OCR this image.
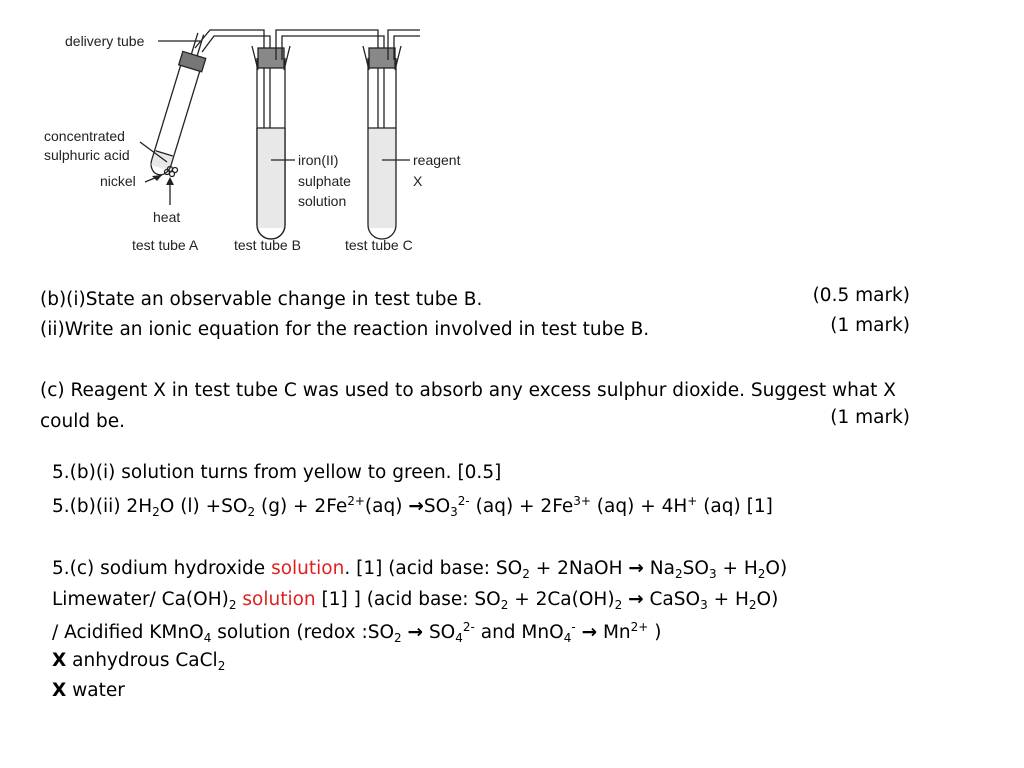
delivery tube
concentrated
sulphuric acid
nickel
heat
iron(II)
sulphate
solution
reagent
X
test tube A	test tube B	test tube C
(b)(i)State an observable change in test tube B.	(0.5 mark)
(ii)Write an ionic equation for the reaction involved in test tube B.	(1 mark)
(c) Reagent X in test tube C was used to absorb any excess sulphur dioxide. Suggest what X
could be.	(1 mark)
5.(b)(i) solution turns from yellow to green. [0.5]
5.(b)(ii) $2H_2O$ $(l) +SO_2$ $(g) + 2Fe^{2+}(aq) \to SO_3^{2-}$ $(aq) + 2Fe^{3+}$ (aq) + 4H+ (aq) [1]
5.(c) sodium hydroxide solution. [1] (acid base: $SO_2$ + 2NaOH → $Na_2SO_3 + H_2O$)
Limewater/ $Ca(OH)_2$ solution [1] ] (acid base: $SO_2 + 2Ca(OH)_2$ → CaSO$_3$ + $H_2O$)
/ Acidified KMnO$_4$ solution (redox $:SO_2 \to SO_4^{2-}$ and $MnO_4^- \to Mn^{2+}$ )
X anhydrous CaCl$_2$
X water
